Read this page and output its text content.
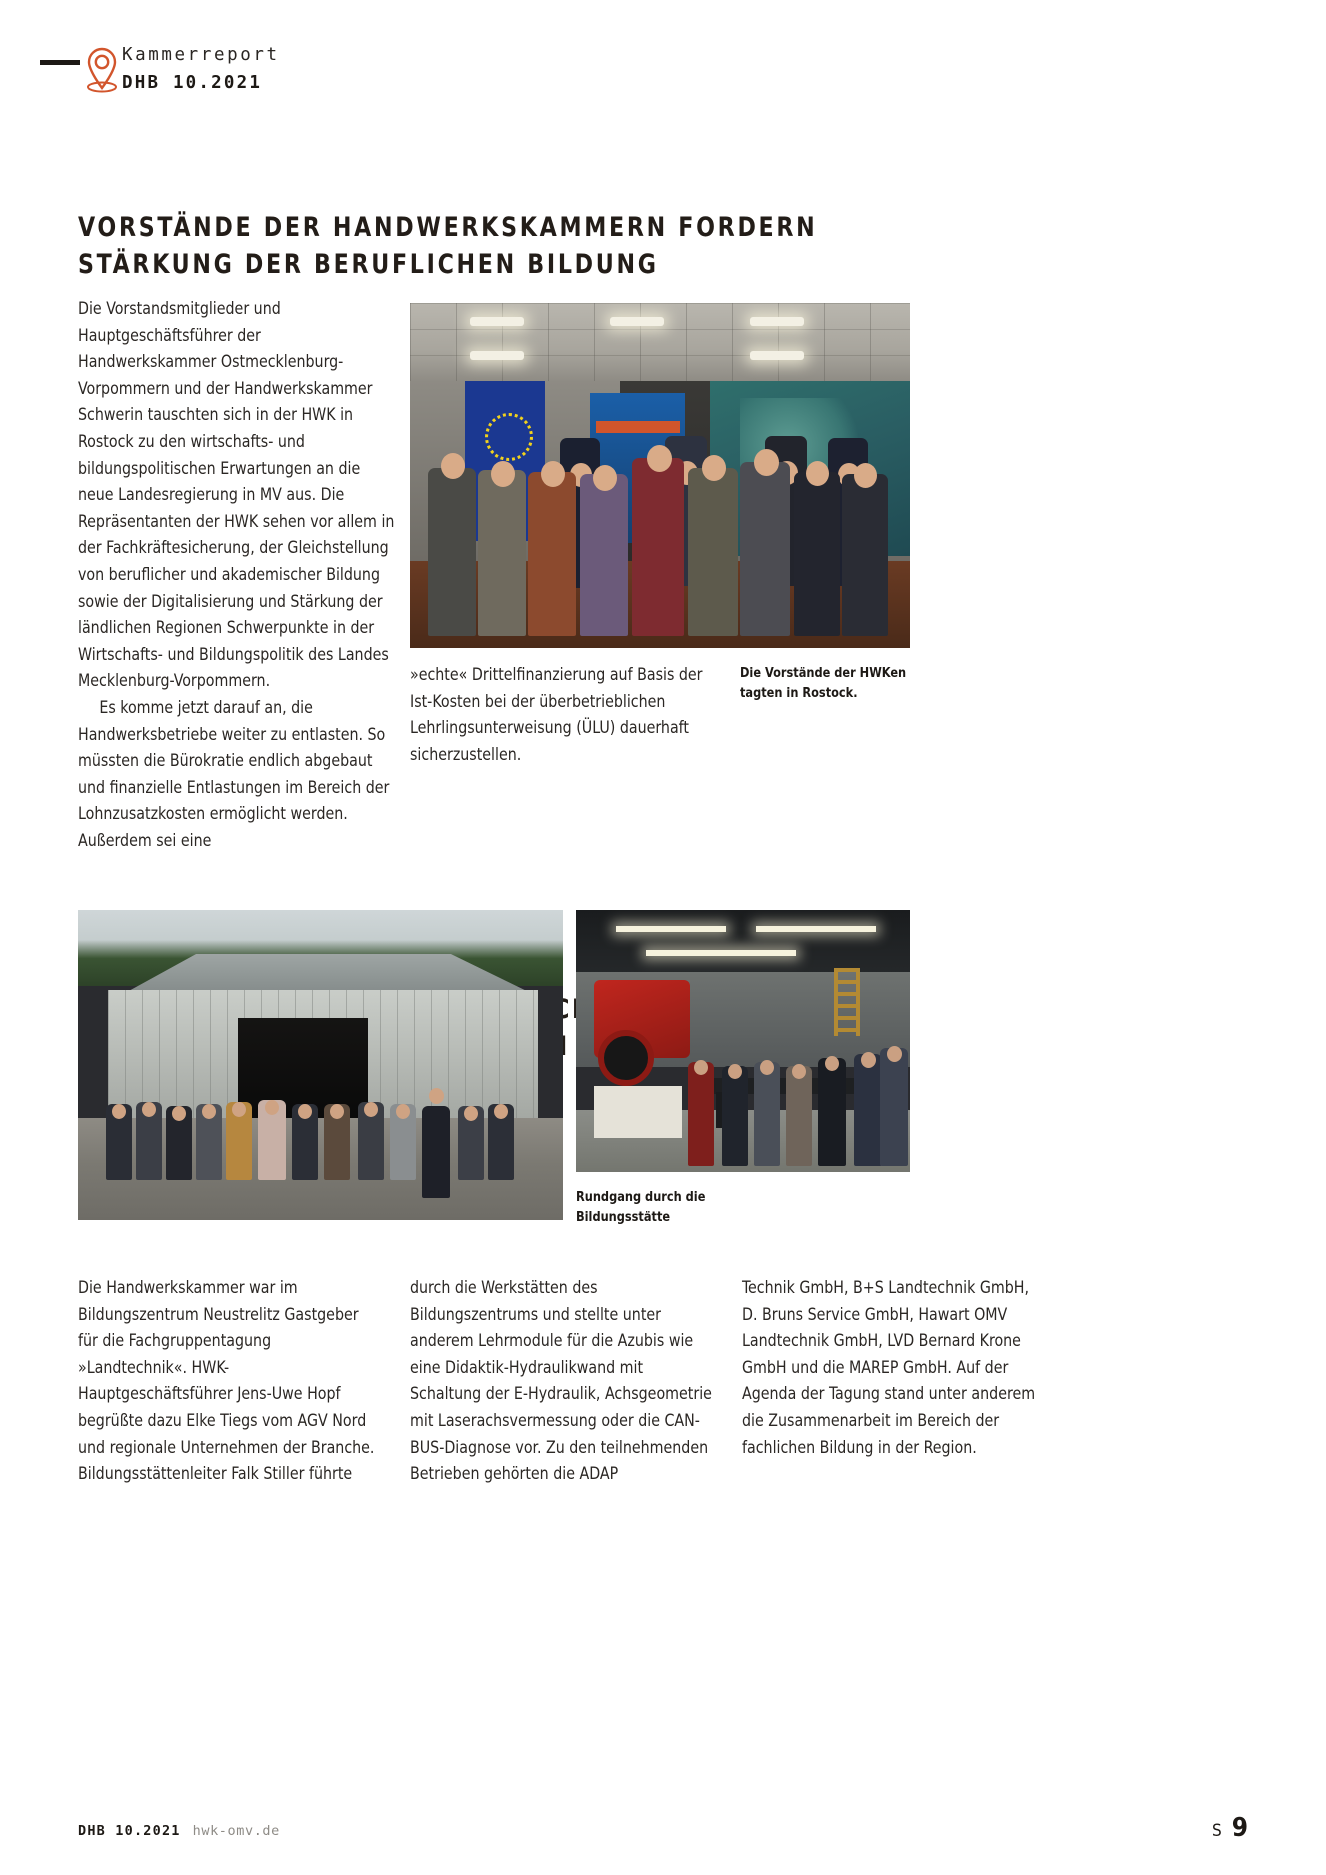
Kammerreport
DHB 10.2021
VORSTÄNDE DER HANDWERKSKAMMERN FORDERN
STÄRKUNG DER BERUFLICHEN BILDUNG

Die Vorstandsmitglieder und Hauptgeschäftsführer der Handwerkskammer Ostmecklenburg-Vorpommern und der Handwerkskammer Schwerin tauschten sich in der HWK in Rostock zu den wirtschafts- und bildungspolitischen Erwartungen an die neue Landesregierung in MV aus. Die Repräsentanten der HWK sehen vor allem in der Fachkräftesicherung, der Gleichstellung von beruflicher und akademischer Bildung sowie der Digitalisierung und Stärkung der ländlichen Regionen Schwerpunkte in der Wirtschafts- und Bildungspolitik des Landes Mecklenburg-Vorpommern.

Es komme jetzt darauf an, die Handwerksbetriebe weiter zu entlasten. So müssten die Bürokratie endlich abgebaut und finanzielle Entlastungen im Bereich der Lohnzusatzkosten ermöglicht werden. Außerdem sei eine

»echte« Drittelfinanzierung auf Basis der Ist-Kosten bei der überbetrieblichen Lehrlingsunterweisung (ÜLU) dauerhaft sicherzustellen.

Die Vorstände der HWKen tagten in Rostock.
Rundgang durch die Bildungsstätte

Die Handwerkskammer war im Bildungszentrum Neustrelitz Gastgeber für die Fachgruppentagung »Landtechnik«. HWK-Hauptgeschäftsführer Jens-Uwe Hopf begrüßte dazu Elke Tiegs vom AGV Nord und regionale Unternehmen der Branche. Bildungsstättenleiter Falk Stiller führte

durch die Werkstätten des Bildungszentrums und stellte unter anderem Lehrmodule für die Azubis wie eine Didaktik-Hydraulikwand mit Schaltung der E-Hydraulik, Achsgeometrie mit Laserachsvermessung oder die CAN-BUS-Diagnose vor. Zu den teilnehmenden Betrieben gehörten die ADAP

Technik GmbH, B+S Landtechnik GmbH, D. Bruns Service GmbH, Hawart OMV Landtechnik GmbH, LVD Bernard Krone GmbH und die MAREP GmbH. Auf der Agenda der Tagung stand unter anderem die Zusammenarbeit im Bereich der fachlichen Bildung in der Region.

DHB 10.2021 hwk-omv.de	S 9
